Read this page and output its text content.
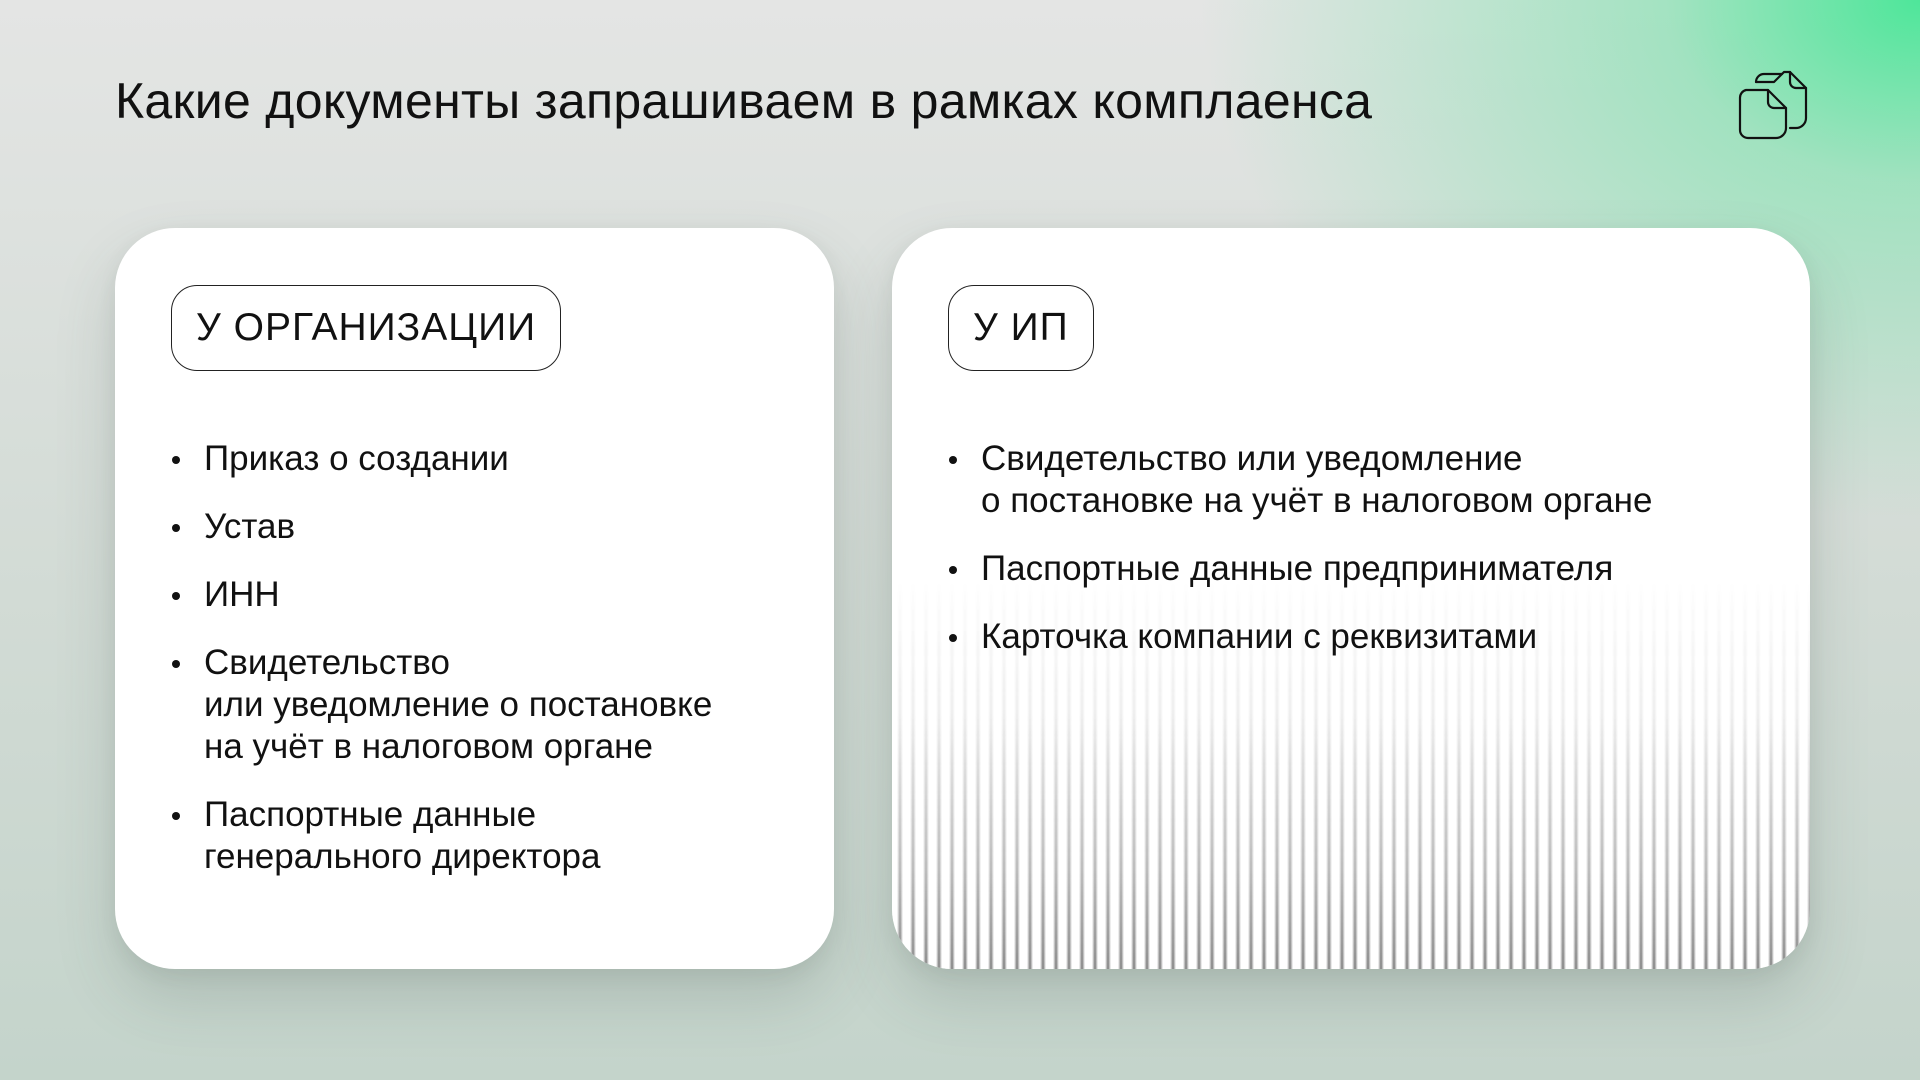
Какие документы запрашиваем в рамках комплаенса
У ОРГАНИЗАЦИИ
Приказ о создании
Устав
ИНН
Свидетельство
или уведомление о постановке
на учёт в налоговом органе
Паспортные данные
генерального директора
У ИП
Свидетельство или уведомление
о постановке на учёт в налоговом органе
Паспортные данные предпринимателя
Карточка компании с реквизитами
